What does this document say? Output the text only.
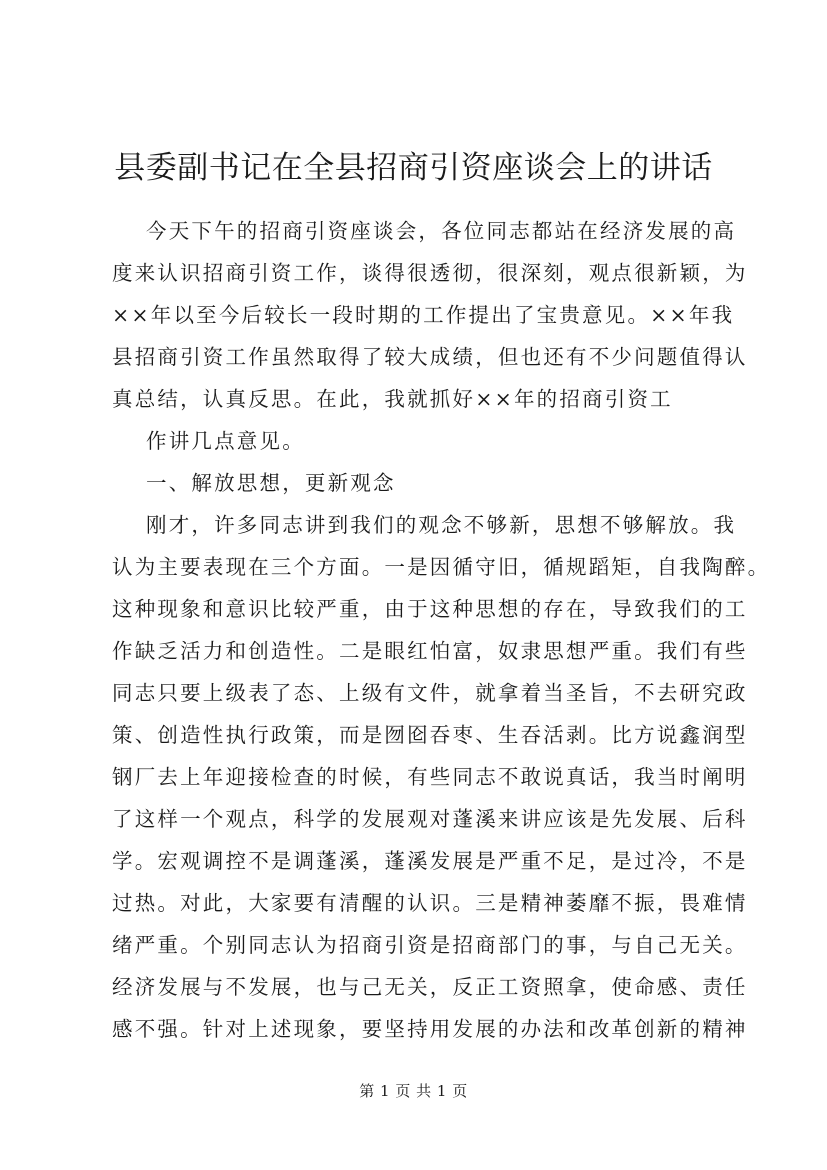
县委副书记在全县招商引资座谈会上的讲话
今天下午的招商引资座谈会，各位同志都站在经济发展的高
度来认识招商引资工作，谈得很透彻，很深刻，观点很新颖，为
××年以至今后较长一段时期的工作提出了宝贵意见。××年我
县招商引资工作虽然取得了较大成绩，但也还有不少问题值得认
真总结，认真反思。在此，我就抓好××年的招商引资工
作讲几点意见。
一、解放思想，更新观念
刚才，许多同志讲到我们的观念不够新，思想不够解放。我
认为主要表现在三个方面。一是因循守旧，循规蹈矩，自我陶醉。
这种现象和意识比较严重，由于这种思想的存在，导致我们的工
作缺乏活力和创造性。二是眼红怕富，奴隶思想严重。我们有些
同志只要上级表了态、上级有文件，就拿着当圣旨，不去研究政
策、创造性执行政策，而是囫囵吞枣、生吞活剥。比方说鑫润型
钢厂去上年迎接检查的时候，有些同志不敢说真话，我当时阐明
了这样一个观点，科学的发展观对蓬溪来讲应该是先发展、后科
学。宏观调控不是调蓬溪，蓬溪发展是严重不足，是过冷，不是
过热。对此，大家要有清醒的认识。三是精神萎靡不振，畏难情
绪严重。个别同志认为招商引资是招商部门的事，与自己无关。
经济发展与不发展，也与己无关，反正工资照拿，使命感、责任
感不强。针对上述现象，要坚持用发展的办法和改革创新的精神
第 1 页 共 1 页
